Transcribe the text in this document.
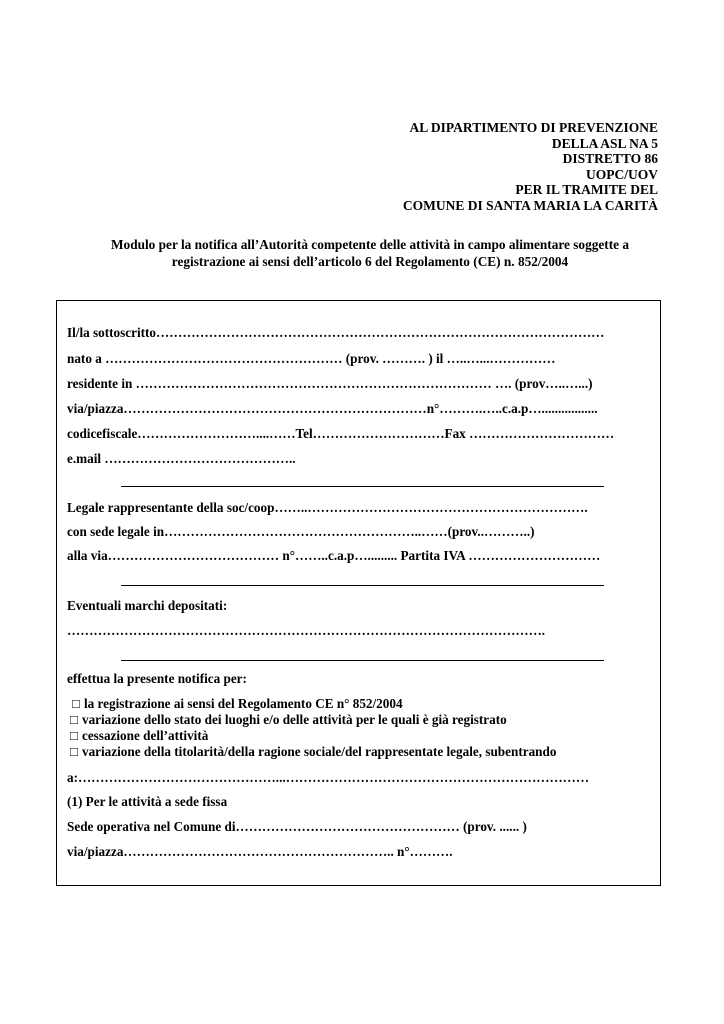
AL DIPARTIMENTO DI PREVENZIONE
DELLA ASL NA 5
DISTRETTO 86
UOPC/UOV
PER IL TRAMITE DEL
COMUNE DI SANTA MARIA LA CARITÀ
Modulo per la notifica all’Autorità competente delle attività in campo alimentare soggette a
registrazione ai sensi dell’articolo 6 del Regolamento (CE) n. 852/2004
Il/la sottoscritto…………………………………………………………………………………………
nato a ……………………………………………… (prov. ………. ) il …..…...……………
residente in ……………………………………………………………………… …. (prov…..…...)
via/piazza……………………………………………………………n°……….…..c.a.p….................
codicefiscale………………………....……Tel…………………………Fax ……………………………
e.mail ……………………………………..
Legale rappresentante della soc/coop……..……………………………………………………….
con sede legale in…………………………………………………..……(prov..………..)
alla via………………………………… n°……..c.a.p…......... Partita IVA …………………………
Eventuali marchi depositati:
……………………………………………………………………………………………….
effettua la presente notifica per:
□ la registrazione ai sensi del Regolamento CE n° 852/2004
□ variazione dello stato dei luoghi e/o delle attività per le quali è già registrato
□ cessazione dell’attività
□ variazione della titolarità/della ragione sociale/del rappresentate legale, subentrando
a:………………………………………...……………………………………………………………
(1) Per le attività a sede fissa
Sede operativa nel Comune di…………………………………………… (prov. ...... )
via/piazza…………………………………………………….. n°……….
